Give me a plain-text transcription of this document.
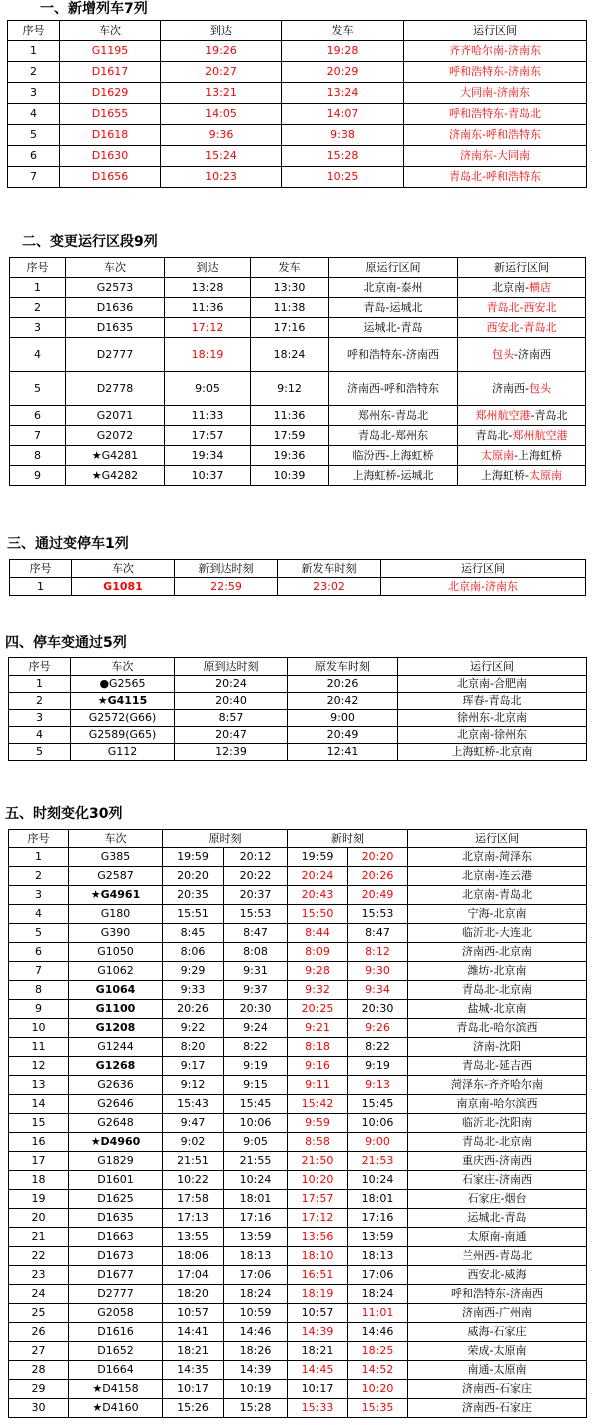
一、新增列车7列
序号	车次	到达	发车	运行区间
1	G1195	19:26	19:28	齐齐哈尔南-济南东
2	D1617	20:27	20:29	呼和浩特东-济南东
3	D1629	13:21	13:24	大同南-济南东
4	D1655	14:05	14:07	呼和浩特东-青岛北
5	D1618	9:36	9:38	济南东-呼和浩特东
6	D1630	15:24	15:28	济南东-大同南
7	D1656	10:23	10:25	青岛北-呼和浩特东
二、变更运行区段9列
序号	车次	到达	发车	原运行区间	新运行区间
1	G2573	13:28	13:30	北京南-泰州	北京南-横店
2	D1636	11:36	11:38	青岛-运城北	青岛北-西安北
3	D1635	17:12	17:16	运城北-青岛	西安北-青岛北
4	D2777	18:19	18:24	呼和浩特东-济南西	包头-济南西
5	D2778	9:05	9:12	济南西-呼和浩特东	济南西-包头
6	G2071	11:33	11:36	郑州东-青岛北	郑州航空港-青岛北
7	G2072	17:57	17:59	青岛北-郑州东	青岛北-郑州航空港
8	★G4281	19:34	19:36	临汾西-上海虹桥	太原南-上海虹桥
9	★G4282	10:37	10:39	上海虹桥-运城北	上海虹桥-太原南
三、通过变停车1列
序号	车次	新到达时刻	新发车时刻	运行区间
1	G1081	22:59	23:02	北京南-济南东
四、停车变通过5列
序号	车次	原到达时刻	原发车时刻	运行区间
1	●G2565	20:24	20:26	北京南-合肥南
2	★G4115	20:40	20:42	珲春-青岛北
3	G2572(G66)	8:57	9:00	徐州东-北京南
4	G2589(G65)	20:47	20:49	北京南-徐州东
5	G112	12:39	12:41	上海虹桥-北京南
五、时刻变化30列
序号	车次	原时刻		新时刻		运行区间
1	G385	19:59	20:12	19:59	20:20	北京南-菏泽东
2	G2587	20:20	20:22	20:24	20:26	北京南-连云港
3	★G4961	20:35	20:37	20:43	20:49	北京南-青岛北
4	G180	15:51	15:53	15:50	15:53	宁海-北京南
5	G390	8:45	8:47	8:44	8:47	临沂北-大连北
6	G1050	8:06	8:08	8:09	8:12	济南西-北京南
7	G1062	9:29	9:31	9:28	9:30	潍坊-北京南
8	G1064	9:33	9:37	9:32	9:34	青岛北-北京南
9	G1100	20:26	20:30	20:25	20:30	盐城-北京南
10	G1208	9:22	9:24	9:21	9:26	青岛北-哈尔滨西
11	G1244	8:20	8:22	8:18	8:22	济南-沈阳
12	G1268	9:17	9:19	9:16	9:19	青岛北-延吉西
13	G2636	9:12	9:15	9:11	9:13	菏泽东-齐齐哈尔南
14	G2646	15:43	15:45	15:42	15:45	南京南-哈尔滨西
15	G2648	9:47	10:06	9:59	10:06	临沂北-沈阳南
16	★D4960	9:02	9:05	8:58	9:00	青岛北-北京南
17	G1829	21:51	21:55	21:50	21:53	重庆西-济南西
18	D1601	10:22	10:24	10:20	10:24	石家庄-济南西
19	D1625	17:58	18:01	17:57	18:01	石家庄-烟台
20	D1635	17:13	17:16	17:12	17:16	运城北-青岛
21	D1663	13:55	13:59	13:56	13:59	太原南-南通
22	D1673	18:06	18:13	18:10	18:13	兰州西-青岛北
23	D1677	17:04	17:06	16:51	17:06	西安北-威海
24	D2777	18:20	18:24	18:19	18:24	呼和浩特东-济南西
25	G2058	10:57	10:59	10:57	11:01	济南西-广州南
26	D1616	14:41	14:46	14:39	14:46	威海-石家庄
27	D1652	18:21	18:26	18:21	18:25	荣成-太原南
28	D1664	14:35	14:39	14:45	14:52	南通-太原南
29	★D4158	10:17	10:19	10:17	10:20	济南西-石家庄
30	★D4160	15:26	15:28	15:33	15:35	济南西-石家庄
